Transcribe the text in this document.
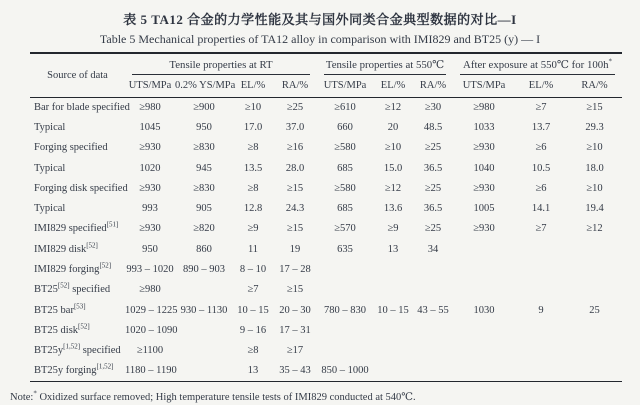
表 5 TA12 合金的力学性能及其与国外同类合金典型数据的对比—I
Table 5 Mechanical properties of TA12 alloy in comparison with IMI829 and BT25 (y) — I
Source of data	Tensile properties at RT				Tensile properties at 550℃			After exposure at 550℃ for 100h*

	UTS/MPa	0.2% YS/MPa	EL/%	RA/%	UTS/MPa	EL/%	RA/%	UTS/MPa	EL/%	RA/%
Bar for blade specified	≥980	≥900	≥10	≥25	≥610	≥12	≥30	≥980	≥7	≥15
Typical	1045	950	17.0	37.0	660	20	48.5	1033	13.7	29.3
Forging specified	≥930	≥830	≥8	≥16	≥580	≥10	≥25	≥930	≥6	≥10
Typical	1020	945	13.5	28.0	685	15.0	36.5	1040	10.5	18.0
Forging disk specified	≥930	≥830	≥8	≥15	≥580	≥12	≥25	≥930	≥6	≥10
Typical	993	905	12.8	24.3	685	13.6	36.5	1005	14.1	19.4
IMI829 specified[51]	≥930	≥820	≥9	≥15	≥570	≥9	≥25	≥930	≥7	≥12
IMI829 disk[52]	950	860	11	19	635	13	34			
IMI829 forging[52]	993 – 1020	890 – 903	8 – 10	17 – 28						
BT25[52] specified	≥980		≥7	≥15						
BT25 bar[53]	1029 – 1225	930 – 1130	10 – 15	20 – 30	780 – 830	10 – 15	43 – 55	1030	9	25
BT25 disk[52]	1020 – 1090		9 – 16	17 – 31						
BT25y[1,52] specified	≥1100		≥8	≥17						
BT25y forging[1,52]	1180 – 1190		13	35 – 43	850 – 1000					
Note:* Oxidized surface removed; High temperature tensile tests of IMI829 conducted at 540℃.
